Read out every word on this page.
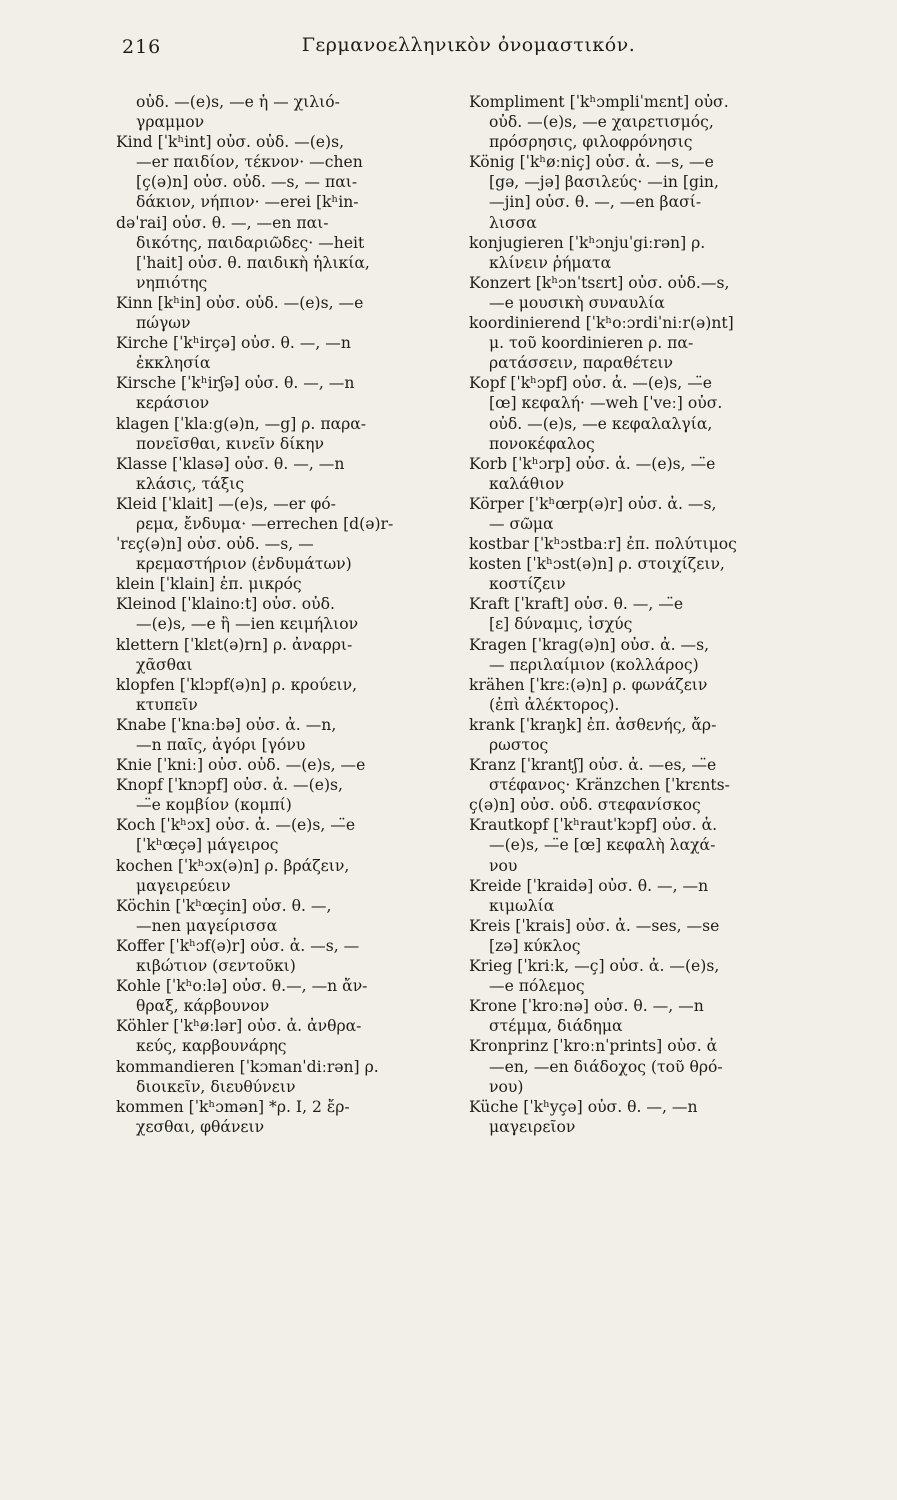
216	Γερμανοελληνικὸν ὀνομαστικόν.
οὐδ. —(e)s, —e ἡ — χιλιό-
γραμμον
Kind [ˈkʰint] οὐσ. οὐδ. —(e)s,
—er παιδίον, τέκνον· —chen
[ç(ə)n] οὐσ. οὐδ. —s, — παι-
δάκιον, νήπιον· —erei [kʰin-
dəˈrai] οὐσ. θ. —, —en παι-
δικότης, παιδαριῶδες· —heit
[ˈhait] οὐσ. θ. παιδικὴ ἡλικία,
νηπιότης
Kinn [kʰin] οὐσ. οὐδ. —(e)s, —e
πώγων
Kirche [ˈkʰirçə] οὐσ. θ. —, —n
ἐκκλησία
Kirsche [ˈkʰirʃə] οὐσ. θ. —, —n
κεράσιον
klagen [ˈklaːg(ə)n, —g] ρ. παρα-
πονεῖσθαι, κινεῖν δίκην
Klasse [ˈklasə] οὐσ. θ. —, —n
κλάσις, τάξις
Kleid [ˈklait] —(e)s, —er φό-
ρεμα, ἔνδυμα· —errechen [d(ə)r-
ˈrɛç(ə)n] οὐσ. οὐδ. —s, —
κρεμαστήριον (ἐνδυμάτων)
klein [ˈklain] ἐπ. μικρός
Kleinod [ˈklainoːt] οὐσ. οὐδ.
—(e)s, —e ἢ —ien κειμήλιον
klettern [ˈklɛt(ə)rn] ρ. ἀναρρι-
χᾶσθαι
klopfen [ˈklɔpf(ə)n] ρ. κρούειν,
κτυπεῖν
Knabe [ˈknaːbə] οὐσ. ἀ. —n,
—n παῖς, ἀγόρι [γόνυ
Knie [ˈkniː] οὐσ. οὐδ. —(e)s, —e
Knopf [ˈknɔpf] οὐσ. ἀ. —(e)s,
—̈e κομβίον (κομπί)
Koch [ˈkʰɔx] οὐσ. ἀ. —(e)s, —̈e
[ˈkʰœçə] μάγειρος
kochen [ˈkʰɔx(ə)n] ρ. βράζειν,
μαγειρεύειν
Köchin [ˈkʰœçin] οὐσ. θ. —,
—nen μαγείρισσα
Koffer [ˈkʰɔf(ə)r] οὐσ. ἀ. —s, —
κιβώτιον (σεντοῦκι)
Kohle [ˈkʰoːlə] οὐσ. θ.—, —n ἄν-
θραξ, κάρβουνον
Köhler [ˈkʰøːlər] οὐσ. ἀ. ἀνθρα-
κεύς, καρβουνάρης
kommandieren [ˈkɔmanˈdiːrən] ρ.
διοικεῖν, διευθύνειν
kommen [ˈkʰɔmən] *ρ. I, 2 ἔρ-
χεσθαι, φθάνειν
Kompliment [ˈkʰɔmpliˈmɛnt] οὐσ.
οὐδ. —(e)s, —e χαιρετισμός,
πρόσρησις, φιλοφρόνησις
König [ˈkʰøːniç] οὐσ. ἀ. —s, —e
[gə, —jə] βασιλεύς· —in [gin,
—jin] οὐσ. θ. —, —en βασί-
λισσα
konjugieren [ˈkʰɔnjuˈgiːrən] ρ.
κλίνειν ῥήματα
Konzert [kʰɔnˈtsɛrt] οὐσ. οὐδ.—s,
—e μουσικὴ συναυλία
koordinierend [ˈkʰoːɔrdiˈniːr(ə)nt]
μ. τοῦ koordinieren ρ. πα-
ρατάσσειν, παραθέτειν
Kopf [ˈkʰɔpf] οὐσ. ἀ. —(e)s, —̈e
[œ] κεφαλή· —weh [ˈveː] οὐσ.
οὐδ. —(e)s, —e κεφαλαλγία,
πονοκέφαλος
Korb [ˈkʰɔrp] οὐσ. ἀ. —(e)s, —̈e
καλάθιον
Körper [ˈkʰœrp(ə)r] οὐσ. ἀ. —s,
— σῶμα
kostbar [ˈkʰɔstbaːr] ἐπ. πολύτιμος
kosten [ˈkʰɔst(ə)n] ρ. στοιχίζειν,
κοστίζειν
Kraft [ˈkraft] οὐσ. θ. —, —̈e
[ɛ] δύναμις, ἰσχύς
Kragen [ˈkraɡ(ə)n] οὐσ. ἀ. —s,
— περιλαίμιον (κολλάρος)
krähen [ˈkrɛː(ə)n] ρ. φωνάζειν
(ἐπὶ ἀλέκτορος).
krank [ˈkraŋk] ἐπ. ἀσθενής, ἄρ-
ρωστος
Kranz [ˈkrantʃ] οὐσ. ἀ. —es, —̈e
στέφανος· Kränzchen [ˈkrɛnts-
ç(ə)n] οὐσ. οὐδ. στεφανίσκος
Krautkopf [ˈkʰrautˈkɔpf] οὐσ. ἀ.
—(e)s, —̈e [œ] κεφαλὴ λαχά-
νου
Kreide [ˈkraidə] οὐσ. θ. —, —n
κιμωλία
Kreis [ˈkrais] οὐσ. ἀ. —ses, —se
[zə] κύκλος
Krieg [ˈkriːk, —ç] οὐσ. ἀ. —(e)s,
—e πόλεμος
Krone [ˈkroːnə] οὐσ. θ. —, —n
στέμμα, διάδημα
Kronprinz [ˈkroːnˈprints] οὐσ. ἀ
—en, —en διάδοχος (τοῦ θρό-
νου)
Küche [ˈkʰyçə] οὐσ. θ. —, —n
μαγειρεῖον
